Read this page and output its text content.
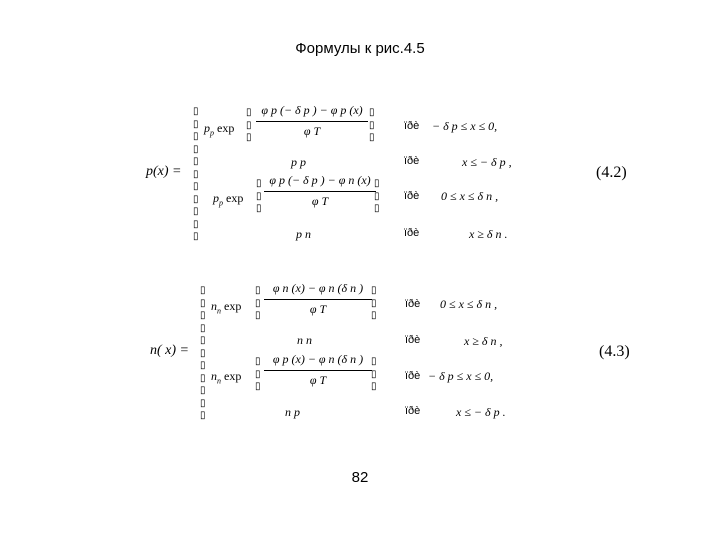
Формулы к рис.4.5
p(x) =
▯
▯
▯
▯
▯
▯
▯
▯
▯
▯
▯
$p_p$ exp
▯
▯
▯
φ p (− δ p ) − φ p (x)
φ T
▯
▯
▯
ïðè − δ p ≤ x ≤ 0,
p p	ïðè	x ≤ − δ p ,
$p_p$ exp
▯
▯
▯
φ p (− δ p ) − φ n (x)
φ T
▯
▯
▯
ïðè 0 ≤ x ≤ δ n ,
p n	ïðè	x ≥ δ n .
(4.2)
n( x) =
▯
▯
▯
▯
▯
▯
▯
▯
▯
▯
▯
$n_n$ exp
▯
▯
▯
φ n (x) − φ n (δ n )
φ T
▯
▯
▯
ïðè 0 ≤ x ≤ δ n ,
n n	ïðè	x ≥ δ n ,
$n_n$ exp
▯
▯
▯
φ p (x) − φ n (δ n )
φ T
▯
▯
▯
ïðè − δ p ≤ x ≤ 0,
n p	ïðè	x ≤ − δ p .
(4.3)
82
